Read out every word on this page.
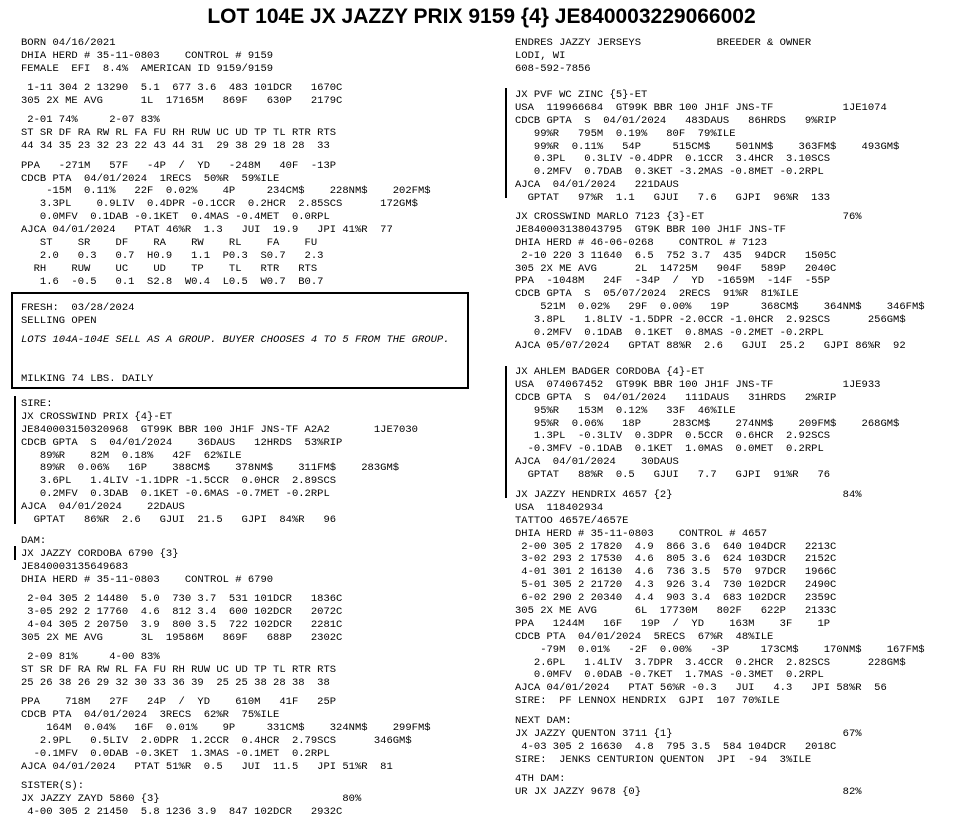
LOT 104E JX JAZZY PRIX 9159 {4} JE840003229066002
BORN 04/16/2021
DHIA HERD # 35-11-0803    CONTROL # 9159
FEMALE  EFI  8.4%  AMERICAN ID 9159/9159
1-11 304 2 13290  5.1  677 3.6  483 101DCR   1670C
305 2X ME AVG      1L  17165M   869F   630P   2179C
2-01 74%     2-07 83%
ST SR DF RA RW RL FA FU RH RUW UC UD TP TL RTR RTS
44 34 35 23 32 23 22 43 44 31  29 38 29 18 28  33
PPA   -271M   57F   -4P  /  YD   -248M   40F  -13P
CDCB PTA  04/01/2024  1RECS  50%R  59%ILE
-15M  0.11%   22F  0.02%    4P     234CM$    228NM$    202FM$
3.3PL    0.9LIV  0.4DPR -0.1CCR  0.2HCR  2.85SCS      172GM$
0.0MFV  0.1DAB -0.1KET  0.4MAS -0.4MET  0.0RPL
AJCA 04/01/2024   PTAT 46%R  1.3   JUI  19.9   JPI 41%R  77
ST    SR    DF    RA    RW    RL    FA    FU
2.0   0.3   0.7  H0.9   1.1  P0.3  S0.7   2.3
RH    RUW    UC    UD    TP    TL   RTR   RTS
1.6  -0.5   0.1  S2.8  W0.4  L0.5  W0.7  B0.7
FRESH:  03/28/2024
SELLING OPEN
LOTS 104A-104E SELL AS A GROUP. BUYER CHOOSES 4 TO 5 FROM THE GROUP.
MILKING 74 LBS. DAILY
SIRE:
JX CROSSWIND PRIX {4}-ET
JE840003150320968  GT99K BBR 100 JH1F JNS-TF A2A2       1JE7030
CDCB GPTA  S  04/01/2024    36DAUS   12HRDS  53%RIP
89%R    82M  0.18%   42F  62%ILE
89%R  0.06%   16P    388CM$    378NM$    311FM$    283GM$
3.6PL   1.4LIV -1.1DPR -1.5CCR  0.0HCR  2.89SCS
0.2MFV  0.3DAB  0.1KET -0.6MAS -0.7MET -0.2RPL
AJCA  04/01/2024    22DAUS
GPTAT   86%R  2.6   GJUI  21.5   GJPI  84%R   96
DAM:
JX JAZZY CORDOBA 6790 {3}
JE840003135649683
DHIA HERD # 35-11-0803    CONTROL # 6790
2-04 305 2 14480  5.0  730 3.7  531 101DCR   1836C
3-05 292 2 17760  4.6  812 3.4  600 102DCR   2072C
4-04 305 2 20750  3.9  800 3.5  722 102DCR   2281C
305 2X ME AVG      3L  19586M   869F   688P   2302C
2-09 81%     4-00 83%
ST SR DF RA RW RL FA FU RH RUW UC UD TP TL RTR RTS
25 26 38 26 29 32 30 33 36 39  25 25 38 28 38  38
PPA    718M   27F   24P  /  YD    610M   41F   25P
CDCB PTA  04/01/2024  3RECS  62%R  75%ILE
164M  0.04%   16F  0.01%    9P     331CM$    324NM$    299FM$
2.9PL   0.5LIV  2.0DPR  1.2CCR  0.4HCR  2.79SCS      346GM$
-0.1MFV  0.0DAB -0.3KET  1.3MAS -0.1MET  0.2RPL
AJCA 04/01/2024   PTAT 51%R  0.5   JUI  11.5   JPI 51%R  81
SISTER(S):
JX JAZZY ZAYD 5860 {3}                             80%
4-00 305 2 21450  5.8 1236 3.9  847 102DCR   2932C
ENDRES JAZZY JERSEYS            BREEDER & OWNER
LODI, WI
608-592-7856
JX PVF WC ZINC {5}-ET
USA  119966684  GT99K BBR 100 JH1F JNS-TF           1JE1074
CDCB GPTA  S  04/01/2024   483DAUS   86HRDS   9%RIP
99%R   795M  0.19%   80F  79%ILE
99%R  0.11%   54P     515CM$    501NM$    363FM$    493GM$
0.3PL   0.3LIV -0.4DPR  0.1CCR  3.4HCR  3.10SCS
0.2MFV  0.7DAB  0.3KET -3.2MAS -0.8MET -0.2RPL
AJCA  04/01/2024   221DAUS
GPTAT   97%R  1.1   GJUI   7.6   GJPI  96%R  133
JX CROSSWIND MARLO 7123 {3}-ET                      76%
JE840003138043795  GT9K BBR 100 JH1F JNS-TF
DHIA HERD # 46-06-0268    CONTROL # 7123
2-10 220 3 11640  6.5  752 3.7  435  94DCR   1505C
305 2X ME AVG      2L  14725M   904F   589P   2040C
PPA  -1048M   24F  -34P  /  YD  -1659M  -14F  -55P
CDCB GPTA  S  05/07/2024  2RECS  91%R  81%ILE
521M  0.02%   29F  0.00%   19P     368CM$    364NM$    346FM$
3.8PL   1.8LIV -1.5DPR -2.0CCR -1.0HCR  2.92SCS      256GM$
0.2MFV  0.1DAB  0.1KET  0.8MAS -0.2MET -0.2RPL
AJCA 05/07/2024   GPTAT 88%R  2.6   GJUI  25.2   GJPI 86%R  92
JX AHLEM BADGER CORDOBA {4}-ET
USA  074067452  GT99K BBR 100 JH1F JNS-TF           1JE933
CDCB GPTA  S  04/01/2024   111DAUS   31HRDS   2%RIP
95%R   153M  0.12%   33F  46%ILE
95%R  0.06%   18P     283CM$    274NM$    209FM$    268GM$
1.3PL  -0.3LIV  0.3DPR  0.5CCR  0.6HCR  2.92SCS
-0.3MFV -0.1DAB  0.1KET  1.0MAS  0.0MET  0.2RPL
AJCA  04/01/2024    30DAUS
GPTAT   88%R  0.5   GJUI   7.7   GJPI  91%R   76
JX JAZZY HENDRIX 4657 {2}                           84%
USA  118402934
TATTOO 4657E/4657E
DHIA HERD # 35-11-0803    CONTROL # 4657
2-00 305 2 17820  4.9  866 3.6  640 104DCR   2213C
3-02 293 2 17530  4.6  805 3.6  624 103DCR   2152C
4-01 301 2 16130  4.6  736 3.5  570  97DCR   1966C
5-01 305 2 21720  4.3  926 3.4  730 102DCR   2490C
6-02 290 2 20340  4.4  903 3.4  683 102DCR   2359C
305 2X ME AVG      6L  17730M   802F   622P   2133C
PPA   1244M   16F   19P  /  YD    163M    3F    1P
CDCB PTA  04/01/2024  5RECS  67%R  48%ILE
-79M  0.01%   -2F  0.00%   -3P     173CM$    170NM$    167FM$
2.6PL   1.4LIV  3.7DPR  3.4CCR  0.2HCR  2.82SCS      228GM$
0.0MFV  0.0DAB -0.7KET  1.7MAS -0.3MET  0.2RPL
AJCA 04/01/2024   PTAT 56%R -0.3   JUI   4.3   JPI 58%R  56
SIRE:  PF LENNOX HENDRIX  GJPI  107 70%ILE
NEXT DAM:
JX JAZZY QUENTON 3711 {1}                           67%
4-03 305 2 16630  4.8  795 3.5  584 104DCR   2018C
SIRE:  JENKS CENTURION QUENTON  JPI  -94  3%ILE
4TH DAM:
UR JX JAZZY 9678 {0}                                82%
